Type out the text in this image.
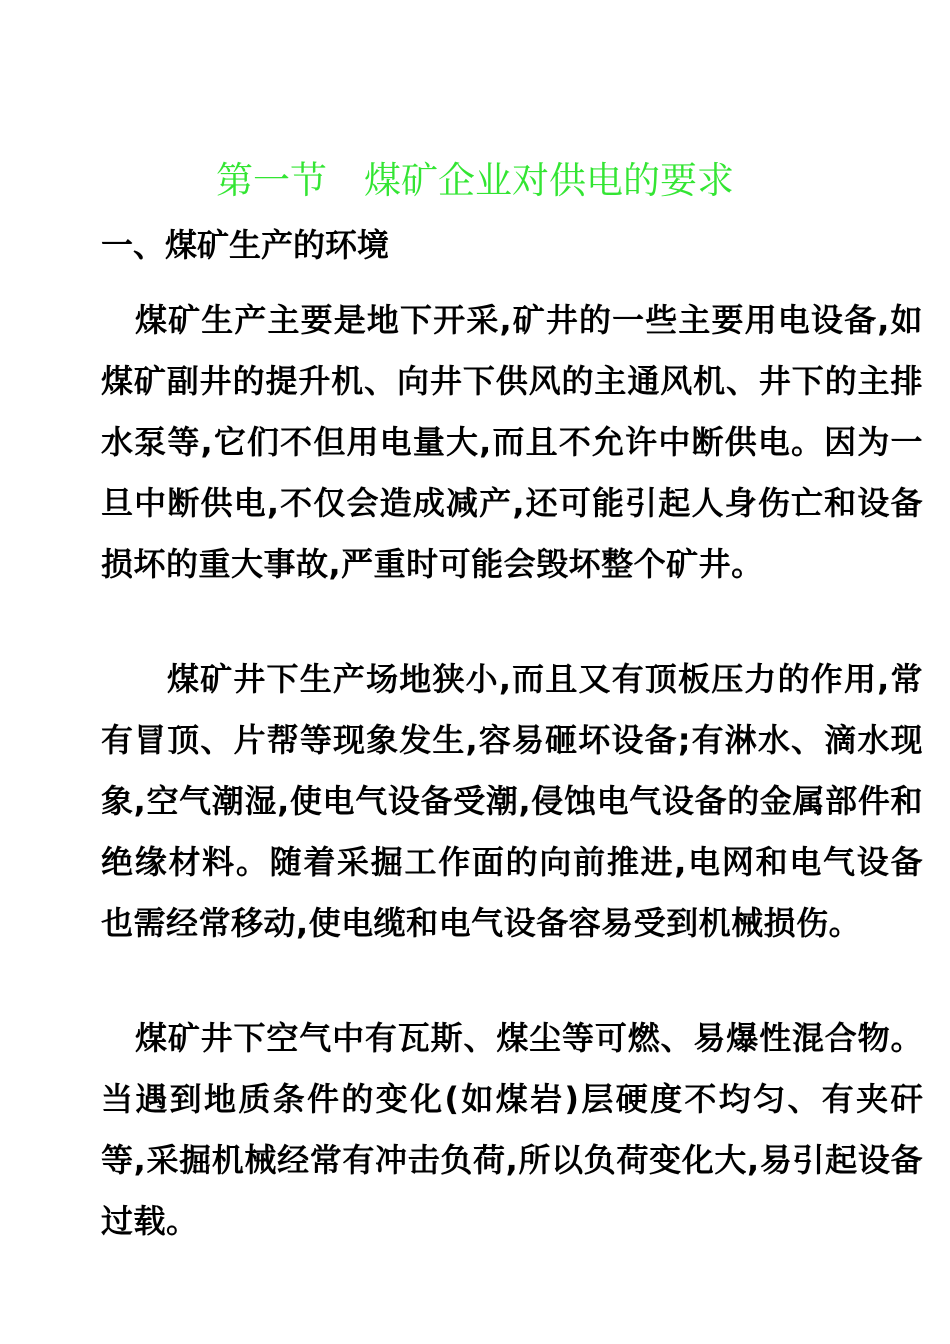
第一节　煤矿企业对供电的要求
一、煤矿生产的环境
煤矿生产主要是地下开采,矿井的一些主要用电设备,如煤矿副井的提升机、向井下供风的主通风机、井下的主排水泵等,它们不但用电量大,而且不允许中断供电。因为一旦中断供电,不仅会造成减产,还可能引起人身伤亡和设备损坏的重大事故,严重时可能会毁坏整个矿井。
煤矿井下生产场地狭小,而且又有顶板压力的作用,常有冒顶、片帮等现象发生,容易砸坏设备;有淋水、滴水现象,空气潮湿,使电气设备受潮,侵蚀电气设备的金属部件和绝缘材料。随着采掘工作面的向前推进,电网和电气设备也需经常移动,使电缆和电气设备容易受到机械损伤。
煤矿井下空气中有瓦斯、煤尘等可燃、易爆性混合物。当遇到地质条件的变化(如煤岩)层硬度不均匀、有夹矸等,采掘机械经常有冲击负荷,所以负荷变化大,易引起设备过载。
